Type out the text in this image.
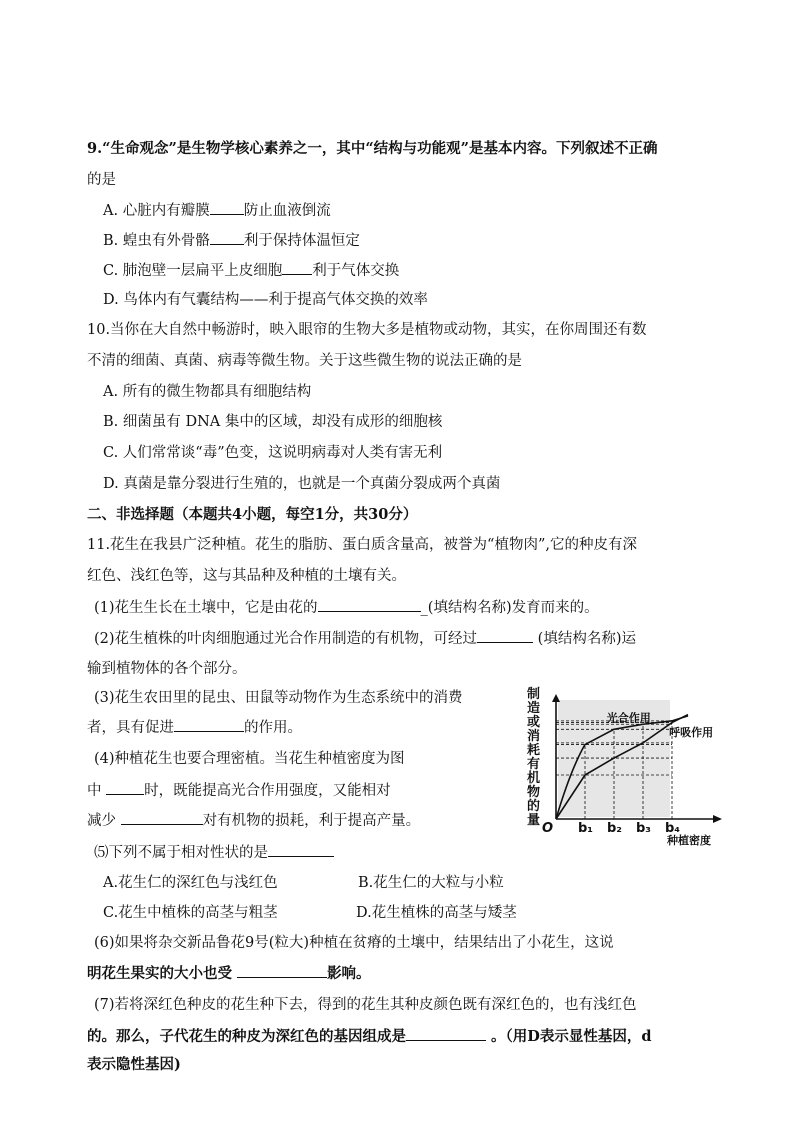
9.“生命观念”是生物学核心素养之一，其中“结构与功能观”是基本内容。下列叙述不正确
的是
A. 心脏内有瓣膜 防止血液倒流
B. 蝗虫有外骨骼 利于保持体温恒定
C. 肺泡壁一层扁平上皮细胞 利于气体交换
D. 鸟体内有气囊结构——利于提高气体交换的效率
10.当你在大自然中畅游时，映入眼帘的生物大多是植物或动物，其实，在你周围还有数
不清的细菌、真菌、病毒等微生物。关于这些微生物的说法正确的是
A. 所有的微生物都具有细胞结构
B. 细菌虽有 DNA 集中的区域，却没有成形的细胞核
C. 人们常常谈“毒”色变，这说明病毒对人类有害无利
D. 真菌是靠分裂进行生殖的，也就是一个真菌分裂成两个真菌
二、非选择题（本题共4小题，每空1分，共30分）
11.花生在我县广泛种植。花生的脂肪、蛋白质含量高，被誉为“植物肉”,它的种皮有深
红色、浅红色等，这与其品种及种植的土壤有关。
(1)花生生长在土壤中，它是由花的	_(填结构名称)发育而来的。
(2)花生植株的叶肉细胞通过光合作用制造的有机物，可经过	(填结构名称)运
输到植物体的各个部分。
(3)花生农田里的昆虫、田鼠等动物作为生态系统中的消费
者，具有促进	的作用。
(4)种植花生也要合理密植。当花生种植密度为图
中	时，既能提高光合作用强度，又能相对
减少	对有机物的损耗，利于提高产量。
⑸下列不属于相对性状的是
A.花生仁的深红色与浅红色	B.花生仁的大粒与小粒
C.花生中植株的高茎与粗茎	D.花生植株的高茎与矮茎
(6)如果将杂交新品鲁花9号(粒大)种植在贫瘠的土壤中，结果结出了小花生，这说
明花生果实的大小也受	影响。
(7)若将深红色种皮的花生种下去，得到的花生其种皮颜色既有深红色的，也有浅红色
的。那么，子代花生的种皮为深红色的基因组成是	。（用D表示显性基因，d
表示隐性基因)
光合作用
呼吸作用
制
造
或
消
耗
有
机
物
的
量
O b₁ b₂ b₃ b₄
种植密度
